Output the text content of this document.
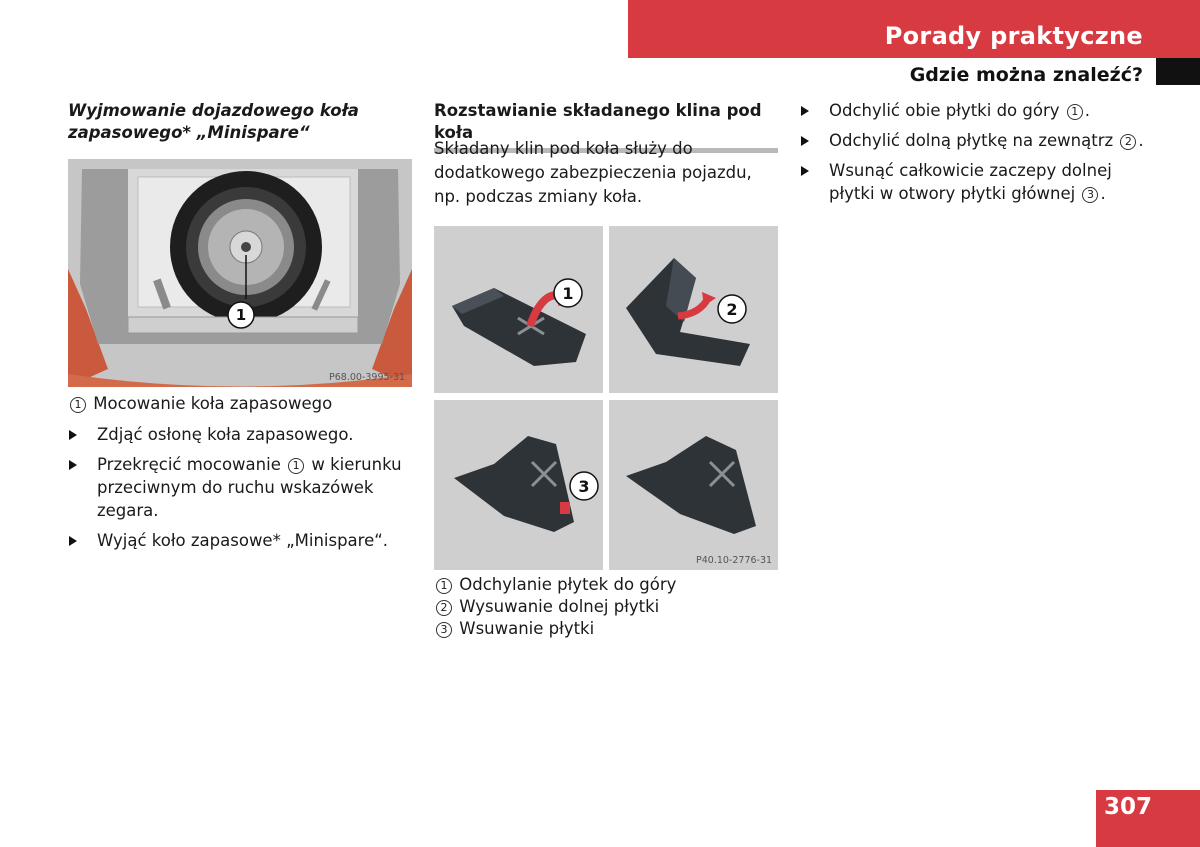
Porady praktyczne
Gdzie można znaleźć?
Wyjmowanie dojazdowego koła
zapasowego* „Minispare“
1
P68.00-3995-31
1 Mocowanie koła zapasowego
Zdjąć osłonę koła zapasowego.
Przekręcić mocowanie 1 w kierunku przeciwnym do ruchu wskazówek zegara.
Wyjąć koło zapasowe* „Minispare“.
Rozstawianie składanego klina pod koła
Składany klin pod koła służy do dodatkowego zabezpieczenia pojazdu, np. podczas zmiany koła.
1
2
3
P40.10-2776-31
1 Odchylanie płytek do góry
2 Wysuwanie dolnej płytki
3 Wsuwanie płytki
Odchylić obie płytki do góry 1 .
Odchylić dolną płytkę na zewnątrz 2 .
Wsunąć całkowicie zaczepy dolnej płytki w otwory płytki głównej 3 .
307
